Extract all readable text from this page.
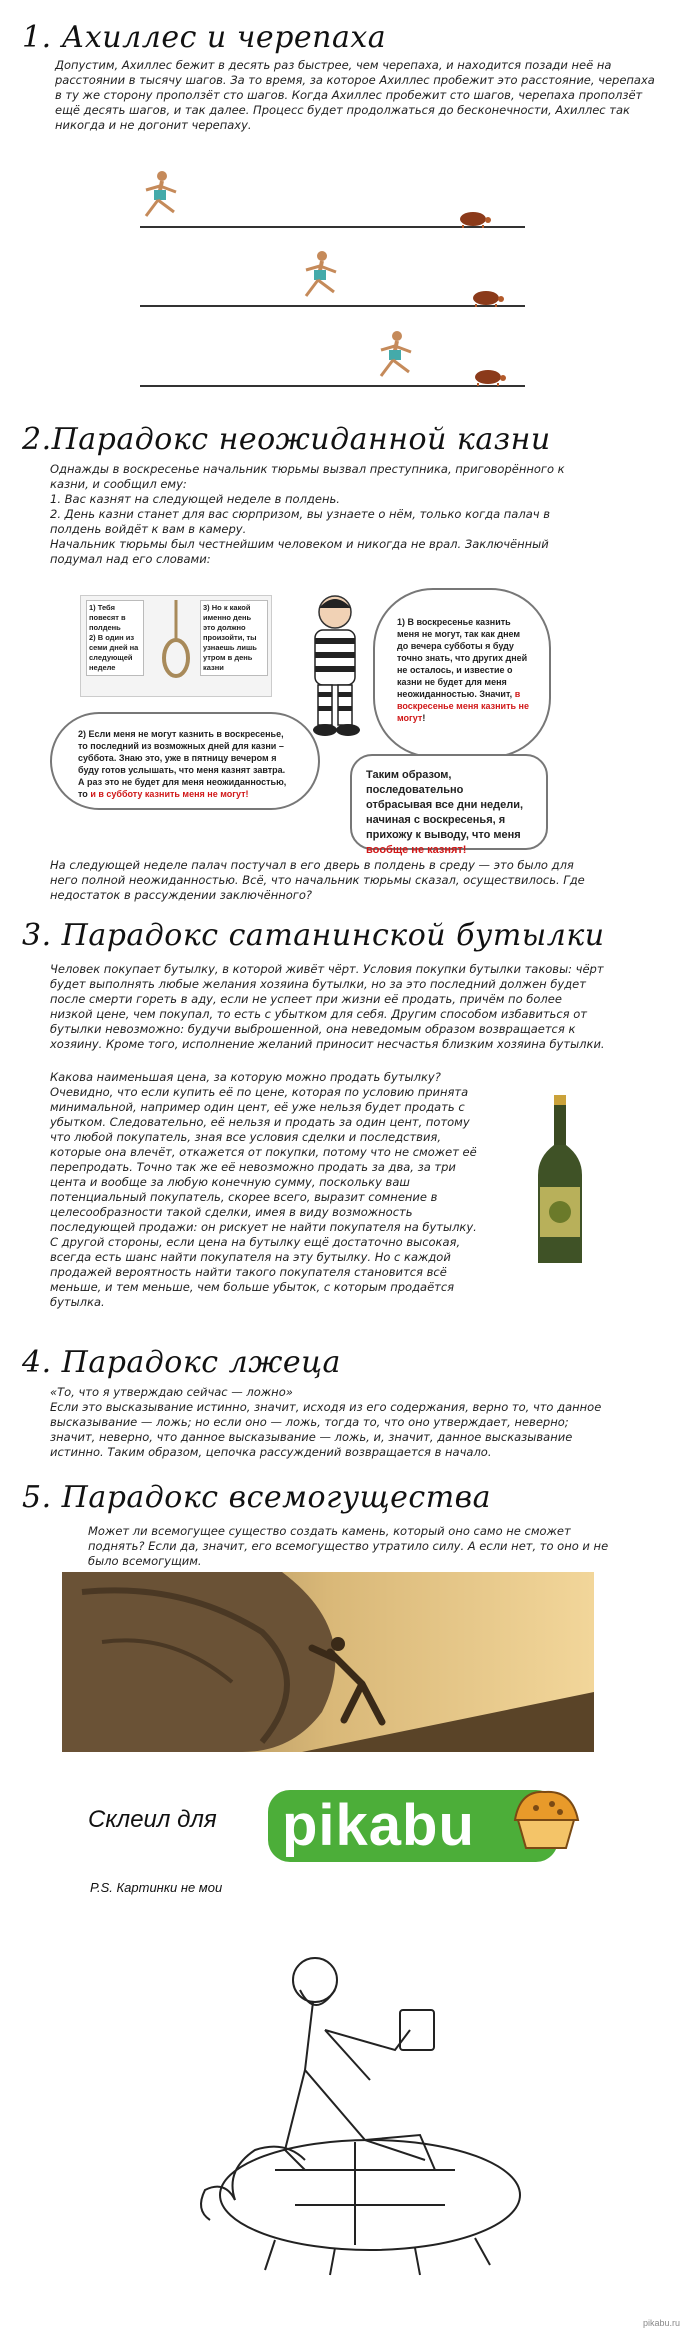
1. Ахиллес и черепаха
Допустим, Ахиллес бежит в десять раз быстрее, чем черепаха, и находится позади неё на расстоянии в тысячу шагов. За то время, за которое Ахиллес пробежит это расстояние, черепаха в ту же сторону проползёт сто шагов. Когда Ахиллес пробежит сто шагов, черепаха проползёт ещё десять шагов, и так далее. Процесс будет продолжаться до бесконечности, Ахиллес так никогда и не догонит черепаху.
2.Парадокс неожиданной казни

Однажды в воскресенье начальник тюрьмы вызвал преступника, приговорённого к казни, и сообщил ему:

1. Вас казнят на следующей неделе в полдень.

2. День казни станет для вас сюрпризом, вы узнаете о нём, только когда палач в полдень войдёт к вам в камеру.

Начальник тюрьмы был честнейшим человеком и никогда не врал. Заключённый подумал над его словами:

1) Тебя повесят в полдень
2) В один из семи дней на следующей неделе
3) Но к какой именно день это должно произойти, ты узнаешь лишь утром в день казни
1) В воскресенье казнить меня не могут, так как днем до вечера субботы я буду точно знать, что других дней не осталось, и известие о казни не будет для меня неожиданностью. Значит, в воскресенье меня казнить не могут!
2) Если меня не могут казнить в воскресенье, то последний из возможных дней для казни – суббота. Знаю это, уже в пятницу вечером я буду готов услышать, что меня казнят завтра. А раз это не будет для меня неожиданностью, то и в субботу казнить меня не могут!
Таким образом, последовательно отбрасывая все дни недели, начиная с воскресенья, я прихожу к выводу, что меня вообще не казнят!
На следующей неделе палач постучал в его дверь в полдень в среду — это было для него полной неожиданностью. Всё, что начальник тюрьмы сказал, осуществилось. Где недостаток в рассуждении заключённого?
3. Парадокс сатанинской бутылки
Человек покупает бутылку, в которой живёт чёрт. Условия покупки бутылки таковы: чёрт будет выполнять любые желания хозяина бутылки, но за это последний должен будет после смерти гореть в аду, если не успеет при жизни её продать, причём по более низкой цене, чем покупал, то есть с убытком для себя. Другим способом избавиться от бутылки невозможно: будучи выброшенной, она неведомым образом возвращается к хозяину. Кроме того, исполнение желаний приносит несчастья близким хозяина бутылки.
Какова наименьшая цена, за которую можно продать бутылку? Очевидно, что если купить её по цене, которая по условию принята минимальной, например один цент, её уже нельзя будет продать с убытком. Следовательно, её нельзя и продать за один цент, потому что любой покупатель, зная все условия сделки и последствия, которые она влечёт, откажется от покупки, потому что не сможет её перепродать. Точно так же её невозможно продать за два, за три цента и вообще за любую конечную сумму, поскольку ваш потенциальный покупатель, скорее всего, выразит сомнение в целесообразности такой сделки, имея в виду возможность последующей продажи: он рискует не найти покупателя на бутылку. С другой стороны, если цена на бутылку ещё достаточно высокая, всегда есть шанс найти покупателя на эту бутылку. Но с каждой продажей вероятность найти такого покупателя становится всё меньше, и тем меньше, чем больше убыток, с которым продаётся бутылка.
4. Парадокс лжеца

«То, что я утверждаю сейчас — ложно»

Если это высказывание истинно, значит, исходя из его содержания, верно то, что данное высказывание — ложь; но если оно — ложь, тогда то, что оно утверждает, неверно; значит, неверно, что данное высказывание — ложь, и, значит, данное высказывание истинно. Таким образом, цепочка рассуждений возвращается в начало.

5. Парадокс всемогущества
Может ли всемогущее существо создать камень, который оно само не сможет поднять? Если да, значит, его всемогущество утратило силу. А если нет, то оно и не было всемогущим.
Склеил для pikabu
P.S. Картинки не мои
pikabu.ru
